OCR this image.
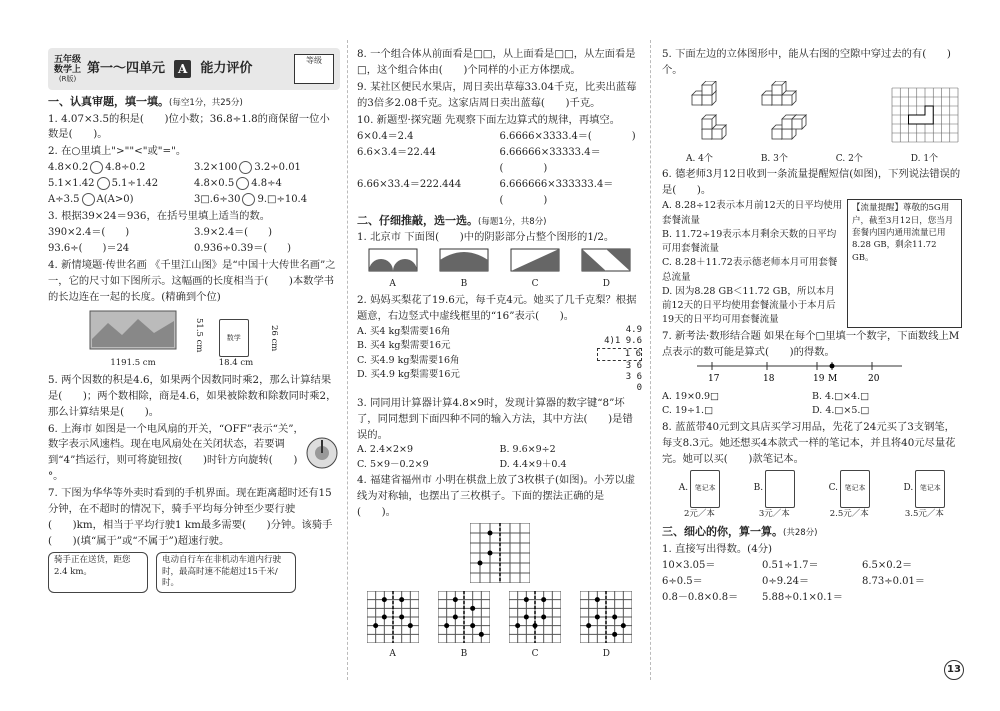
五年级
数学上
(R版)
第一～四单元	A	能力评价
等级
一、认真审题，填一填。(每空1分，共25分)
1. 4.07×3.5的积是(　　)位小数；36.8÷1.8的商保留一位小数是(　　)。
2. 在○里填上">""<"或"="。
4.8×0.2 4.8÷0.2	3.2×100 3.2÷0.01
5.1×1.42 5.1÷1.42	4.8×0.5 4.8÷4
A÷3.5 A(A>0)	3□.6÷30 9.□÷10.4
3. 根据39×24＝936，在括号里填上适当的数。
390×2.4＝(　　)	3.9×2.4＝(　　)
93.6÷(　　)＝24	0.936÷0.39＝(　　)
4. 新情境题·传世名画 《千里江山图》是“中国十大传世名画”之一，它的尺寸如下图所示。这幅画的长度相当于(　　)本数学书的长边连在一起的长度。(精确到个位)
1191.5 cm
51.5 cm	数学
18.4 cm
26 cm
5. 两个因数的积是4.6，如果两个因数同时乘2，那么计算结果是(　　)；两个数相除，商是4.6，如果被除数和除数同时乘2，那么计算结果是(　　)。
6. 上海市 如图是一个电风扇的开关，“OFF”表示“关”，数字表示风速档。现在电风扇处在关闭状态，若要调到“4”挡运行，则可将旋钮按(　　)时针方向旋转(　　)°。
7. 下图为华华等外卖时看到的手机界面。现在距离超时还有15分钟，在不超时的情况下，骑手平均每分钟至少要行驶(　　)km，相当于平均行驶1 km最多需要(　　)分钟。该骑手(　　)(填“属于”或“不属于”)超速行驶。
骑手正在送货，距您2.4 km。
电动自行车在非机动车道内行驶时，最高时速不能超过15千米/时。
8. 一个组合体从前面看是□□，从上面看是□□，从左面看是□，这个组合体由(　　)个同样的小正方体摆成。
9. 某社区便民水果店，周日卖出草莓33.04千克，比卖出蓝莓的3倍多2.08千克。这家店周日卖出蓝莓(　　)千克。
10. 新题型·探究题 先观察下面左边算式的规律，再填空。
6×0.4＝2.4	6.6666×3333.4＝(　　　　)
6.6×3.4＝22.44	6.66666×33333.4＝(　　　　)
6.66×33.4＝222.444	6.666666×333333.4＝(　　　　)
二、仔细推敲，选一选。(每题1分，共8分)
1. 北京市 下面图(　　)中的阴影部分占整个图形的1/2。
A	B	C	D
2. 妈妈买梨花了19.6元，每千克4元。她买了几千克梨？根据题意，右边竖式中虚线框里的“16”表示(　　)。
A. 买4 kg梨需要16角
B. 买4 kg梨需要16元
C. 买4.9 kg梨需要16角
D. 买4.9 kg梨需要16元
4.9
4)1 9.6
1 6
3 6
3 6
0
3. 同同用计算器计算4.8×9时，发现计算器的数字键“8”坏了，同同想到下面四种不同的输入方法，其中方法(　　)是错误的。
A. 2.4×2×9	B. 9.6×9÷2
C. 5×9－0.2×9	D. 4.4×9＋0.4
4. 福建省福州市 小明在棋盘上放了3枚棋子(如图)。小芳以虚线为对称轴，也摆出了三枚棋子。下面的摆法正确的是(　　)。
A	B	C	D
5. 下面左边的立体图形中，能从右图的空隙中穿过去的有(　　)个。
A. 4个	B. 3个	C. 2个	D. 1个
6. 德老师3月12日收到一条流量提醒短信(如图)，下列说法错误的是(　　)。
A. 8.28÷12表示本月前12天的日平均使用套餐流量
B. 11.72÷19表示本月剩余天数的日平均可用套餐流量
C. 8.28＋11.72表示德老师本月可用套餐总流量
D. 因为8.28 GB＜11.72 GB，所以本月前12天的日平均使用套餐流量小于本月后19天的日平均可用套餐流量
【流量提醒】尊敬的5G用户，截至3月12日，您当月套餐内国内通用流量已用8.28 GB，剩余11.72 GB。
7. 新考法·数形结合题 如果在每个□里填一个数字，下面数线上M点表示的数可能是算式(　　)的得数。
17	18	19 M	20
A. 19×0.9□	B. 4.□×4.□
C. 19÷1.□	D. 4.□×5.□
8. 蓝蓝带40元到文具店买学习用品，先花了24元买了3支钢笔，每支8.3元。她还想买4本款式一样的笔记本，并且将40元尽量花完。她可以买(　　)款笔记本。
A. 笔记本
2元／本
B.
3元／本
C. 笔记本
2.5元／本
D. 笔记本
3.5元／本
三、细心的你，算一算。(共28分)
1. 直接写出得数。(4分)
10×3.05＝	0.51÷1.7＝	6.5×0.2＝
6÷0.5＝	0÷9.24＝	8.73÷0.01＝
0.8－0.8×0.8＝	5.88÷0.1×0.1＝
13
